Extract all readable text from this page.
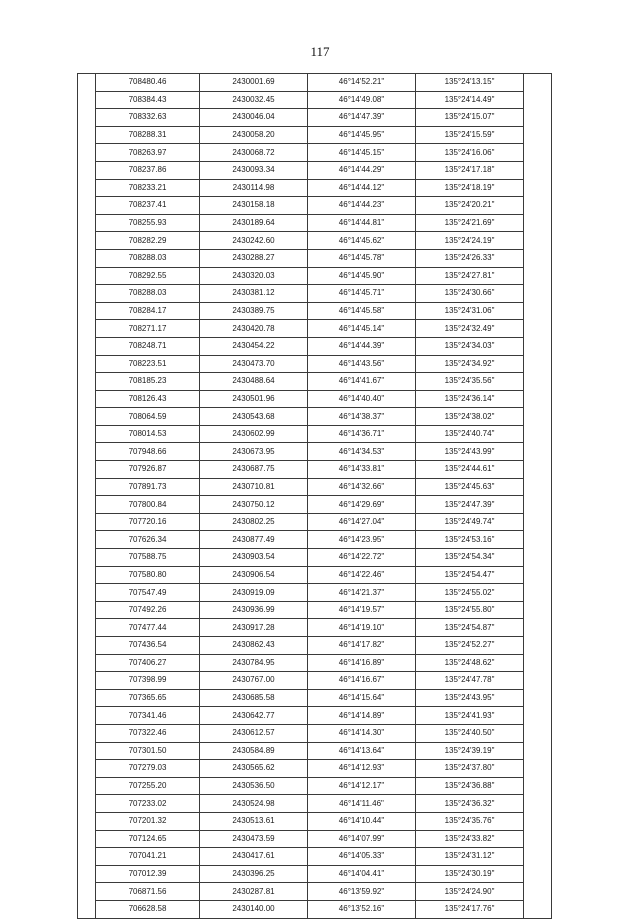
117
	708480.46	2430001.69	46°14'52.21"	135°24'13.15"	
	708384.43	2430032.45	46°14'49.08"	135°24'14.49"	
	708332.63	2430046.04	46°14'47.39"	135°24'15.07"	
	708288.31	2430058.20	46°14'45.95"	135°24'15.59"	
	708263.97	2430068.72	46°14'45.15"	135°24'16.06"	
	708237.86	2430093.34	46°14'44.29"	135°24'17.18"	
	708233.21	2430114.98	46°14'44.12"	135°24'18.19"	
	708237.41	2430158.18	46°14'44.23"	135°24'20.21"	
	708255.93	2430189.64	46°14'44.81"	135°24'21.69"	
	708282.29	2430242.60	46°14'45.62"	135°24'24.19"	
	708288.03	2430288.27	46°14'45.78"	135°24'26.33"	
	708292.55	2430320.03	46°14'45.90"	135°24'27.81"	
	708288.03	2430381.12	46°14'45.71"	135°24'30.66"	
	708284.17	2430389.75	46°14'45.58"	135°24'31.06"	
	708271.17	2430420.78	46°14'45.14"	135°24'32.49"	
	708248.71	2430454.22	46°14'44.39"	135°24'34.03"	
	708223.51	2430473.70	46°14'43.56"	135°24'34.92"	
	708185.23	2430488.64	46°14'41.67"	135°24'35.56"	
	708126.43	2430501.96	46°14'40.40"	135°24'36.14"	
	708064.59	2430543.68	46°14'38.37"	135°24'38.02"	
	708014.53	2430602.99	46°14'36.71"	135°24'40.74"	
	707948.66	2430673.95	46°14'34.53"	135°24'43.99"	
	707926.87	2430687.75	46°14'33.81"	135°24'44.61"	
	707891.73	2430710.81	46°14'32.66"	135°24'45.63"	
	707800.84	2430750.12	46°14'29.69"	135°24'47.39"	
	707720.16	2430802.25	46°14'27.04"	135°24'49.74"	
	707626.34	2430877.49	46°14'23.95"	135°24'53.16"	
	707588.75	2430903.54	46°14'22.72"	135°24'54.34"	
	707580.80	2430906.54	46°14'22.46"	135°24'54.47"	
	707547.49	2430919.09	46°14'21.37"	135°24'55.02"	
	707492.26	2430936.99	46°14'19.57"	135°24'55.80"	
	707477.44	2430917.28	46°14'19.10"	135°24'54.87"	
	707436.54	2430862.43	46°14'17.82"	135°24'52.27"	
	707406.27	2430784.95	46°14'16.89"	135°24'48.62"	
	707398.99	2430767.00	46°14'16.67"	135°24'47.78"	
	707365.65	2430685.58	46°14'15.64"	135°24'43.95"	
	707341.46	2430642.77	46°14'14.89"	135°24'41.93"	
	707322.46	2430612.57	46°14'14.30"	135°24'40.50"	
	707301.50	2430584.89	46°14'13.64"	135°24'39.19"	
	707279.03	2430565.62	46°14'12.93"	135°24'37.80"	
	707255.20	2430536.50	46°14'12.17"	135°24'36.88"	
	707233.02	2430524.98	46°14'11.46"	135°24'36.32"	
	707201.32	2430513.61	46°14'10.44"	135°24'35.76"	
	707124.65	2430473.59	46°14'07.99"	135°24'33.82"	
	707041.21	2430417.61	46°14'05.33"	135°24'31.12"	
	707012.39	2430396.25	46°14'04.41"	135°24'30.19"	
	706871.56	2430287.81	46°13'59.92"	135°24'24.90"	
	706628.58	2430140.00	46°13'52.16"	135°24'17.76"	
